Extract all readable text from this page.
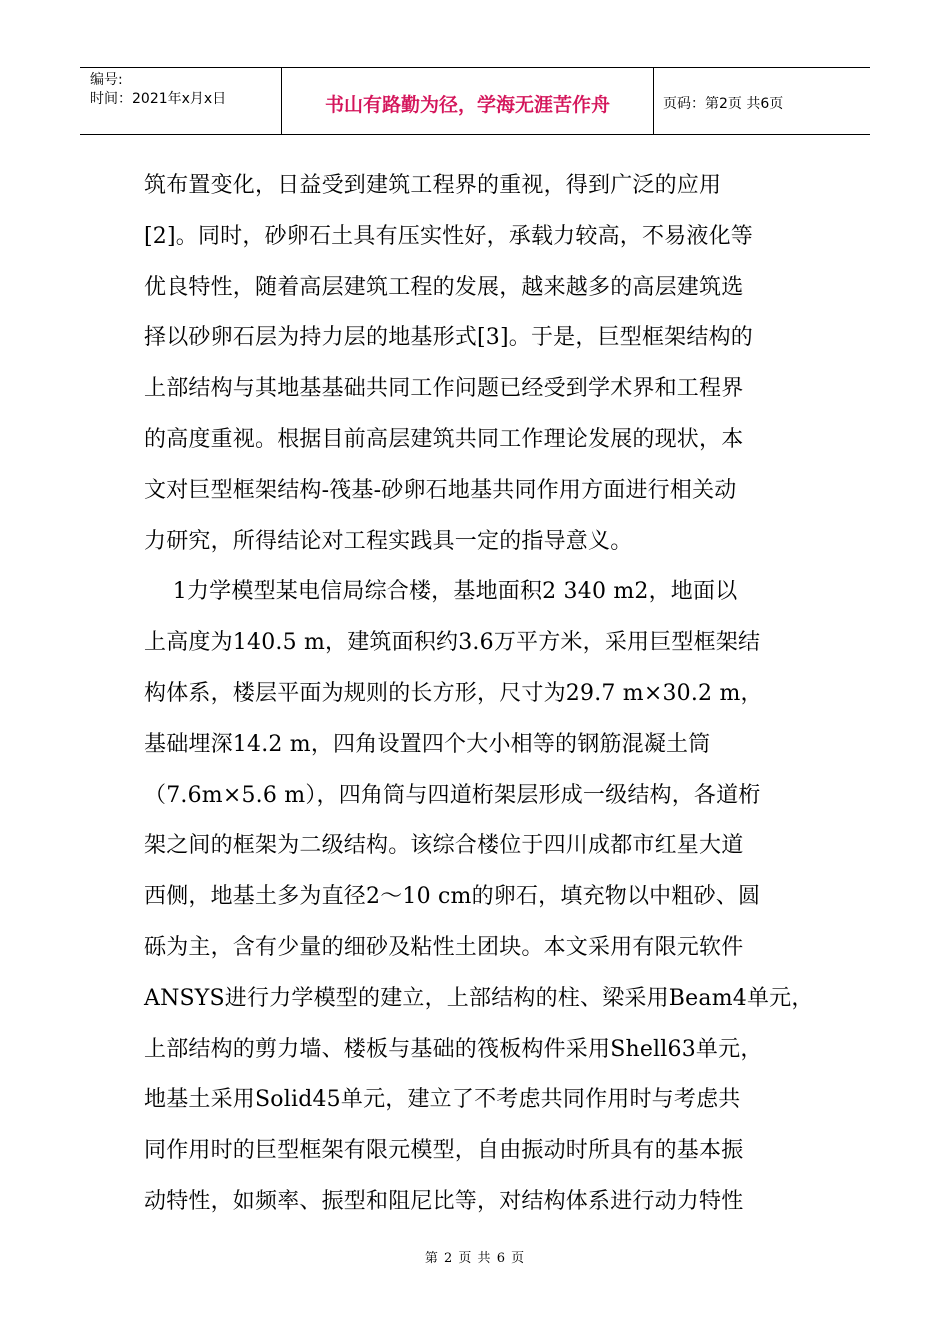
编号:
时间：2021年x月x日	书山有路勤为径，学海无涯苦作舟	页码：第2页 共6页
筑布置变化，日益受到建筑工程界的重视，得到广泛的应用
[2]。同时，砂卵石土具有压实性好，承载力较高，不易液化等
优良特性，随着高层建筑工程的发展，越来越多的高层建筑选
择以砂卵石层为持力层的地基形式[3]。于是，巨型框架结构的
上部结构与其地基基础共同工作问题已经受到学术界和工程界
的高度重视。根据目前高层建筑共同工作理论发展的现状，本
文对巨型框架结构-筏基-砂卵石地基共同作用方面进行相关动
力研究，所得结论对工程实践具一定的指导意义。
1力学模型某电信局综合楼，基地面积2 340 m2，地面以
上高度为140.5 m，建筑面积约3.6万平方米，采用巨型框架结
构体系，楼层平面为规则的长方形，尺寸为29.7 m×30.2 m，
基础埋深14.2 m，四角设置四个大小相等的钢筋混凝土筒
（7.6m×5.6 m），四角筒与四道桁架层形成一级结构，各道桁
架之间的框架为二级结构。该综合楼位于四川成都市红星大道
西侧，地基土多为直径2～10 cm的卵石，填充物以中粗砂、圆
砾为主，含有少量的细砂及粘性土团块。本文采用有限元软件
ANSYS进行力学模型的建立，上部结构的柱、梁采用Beam4单元，
上部结构的剪力墙、楼板与基础的筏板构件采用Shell63单元，
地基土采用Solid45单元，建立了不考虑共同作用时与考虑共
同作用时的巨型框架有限元模型，自由振动时所具有的基本振
动特性，如频率、振型和阻尼比等，对结构体系进行动力特性
第 2 页 共 6 页
